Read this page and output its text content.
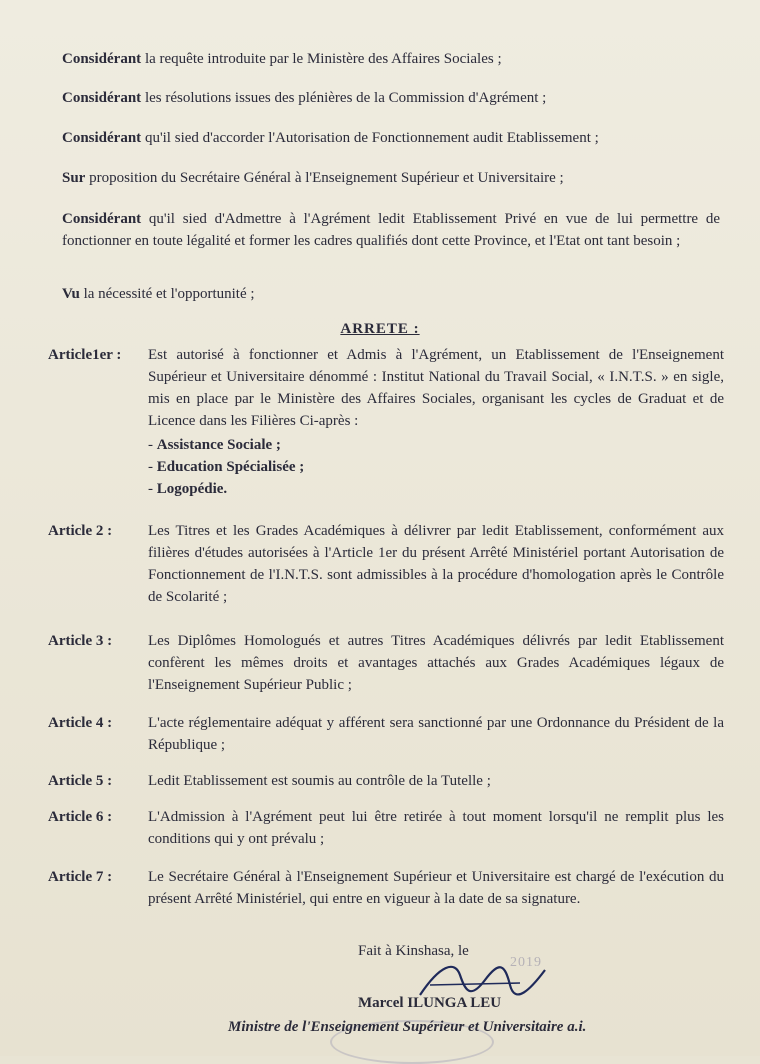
Considérant la requête introduite par le Ministère des Affaires Sociales ;
Considérant les résolutions issues des plénières de la Commission d'Agrément ;
Considérant qu'il sied d'accorder l'Autorisation de Fonctionnement audit Etablissement ;
Sur proposition du Secrétaire Général à l'Enseignement Supérieur et Universitaire ;
Considérant qu'il sied d'Admettre à l'Agrément ledit Etablissement Privé en vue de lui permettre de fonctionner en toute légalité et former les cadres qualifiés dont cette Province, et l'Etat ont tant besoin ;
Vu la nécessité et l'opportunité ;
ARRETE :
Article1er :	Est autorisé à fonctionner et Admis à l'Agrément, un Etablissement de l'Enseignement Supérieur et Universitaire dénommé : Institut National du Travail Social, « I.N.T.S. » en sigle, mis en place par le Ministère des Affaires Sociales, organisant les cycles de Graduat et de Licence dans les Filières Ci-après :
- Assistance Sociale ;
- Education Spécialisée ;
- Logopédie.
Article 2 :	Les Titres et les Grades Académiques à délivrer par ledit Etablissement, conformément aux filières d'études autorisées à l'Article 1er du présent Arrêté Ministériel portant Autorisation de Fonctionnement de l'I.N.T.S. sont admissibles à la procédure d'homologation après le Contrôle de Scolarité ;
Article 3 :	Les Diplômes Homologués et autres Titres Académiques délivrés par ledit Etablissement confèrent les mêmes droits et avantages attachés aux Grades Académiques légaux de l'Enseignement Supérieur Public ;
Article 4 :	L'acte réglementaire adéquat y afférent sera sanctionné par une Ordonnance du Président de la République ;
Article 5 :	Ledit Etablissement est soumis au contrôle de la Tutelle ;
Article 6 :	L'Admission à l'Agrément peut lui être retirée à tout moment lorsqu'il ne remplit plus les conditions qui y ont prévalu ;
Article 7 :	Le Secrétaire Général à l'Enseignement Supérieur et Universitaire est chargé de l'exécution du présent Arrêté Ministériel, qui entre en vigueur à la date de sa signature.
Fait à Kinshasa, le
2019
Marcel ILUNGA LEU
Ministre de l'Enseignement Supérieur et Universitaire a.i.
